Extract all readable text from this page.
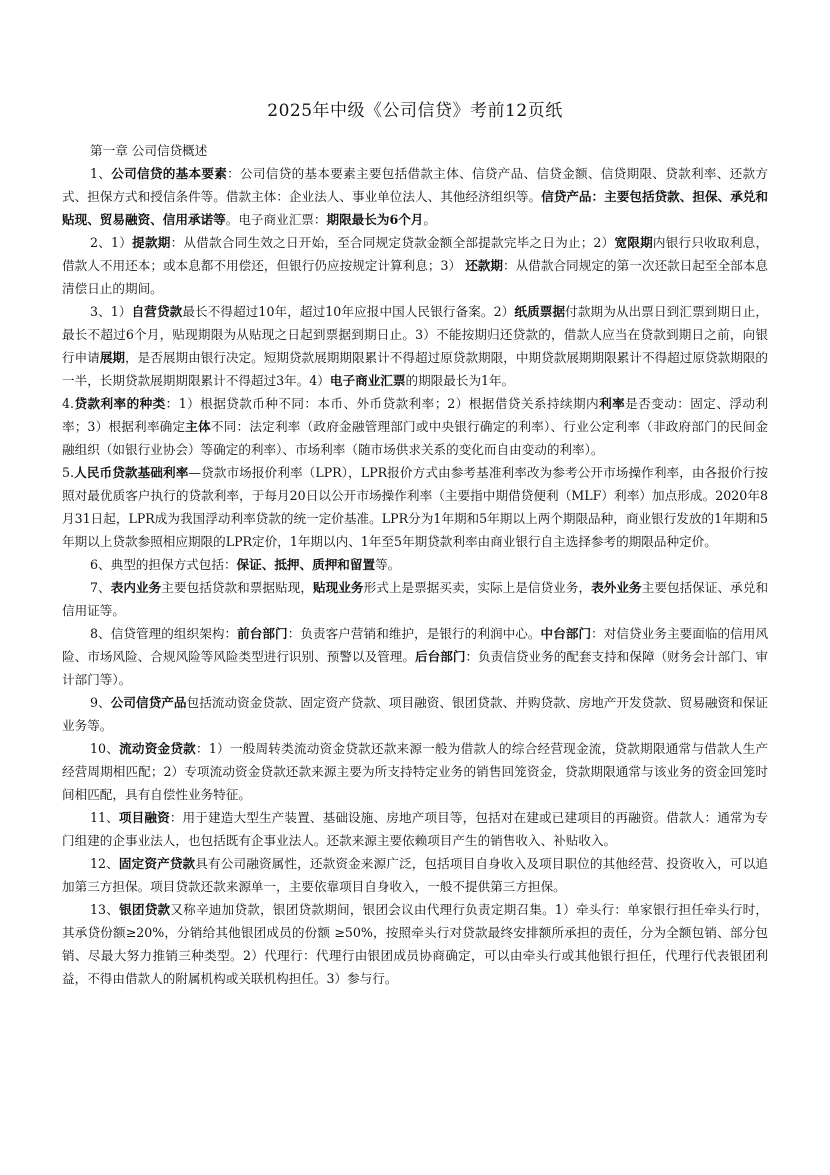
2025年中级《公司信贷》考前12页纸
第一章 公司信贷概述

1、公司信贷的基本要素：公司信贷的基本要素主要包括借款主体、信贷产品、信贷金额、信贷期限、贷款利率、还款方式、担保方式和授信条件等。借款主体：企业法人、事业单位法人、其他经济组织等。信贷产品：主要包括贷款、担保、承兑和贴现、贸易融资、信用承诺等。电子商业汇票：期限最长为6个月。

2、1）提款期：从借款合同生效之日开始，至合同规定贷款金额全部提款完毕之日为止；2）宽限期内银行只收取利息，借款人不用还本；或本息都不用偿还，但银行仍应按规定计算利息；3） 还款期：从借款合同规定的第一次还款日起至全部本息清偿日止的期间。

3、1）自营贷款最长不得超过10年，超过10年应报中国人民银行备案。2）纸质票据付款期为从出票日到汇票到期日止，最长不超过6个月，贴现期限为从贴现之日起到票据到期日止。3）不能按期归还贷款的，借款人应当在贷款到期日之前，向银行申请展期，是否展期由银行决定。短期贷款展期期限累计不得超过原贷款期限，中期贷款展期期限累计不得超过原贷款期限的一半，长期贷款展期期限累计不得超过3年。4）电子商业汇票的期限最长为1年。

4.贷款利率的种类：1）根据贷款币种不同：本币、外币贷款利率；2）根据借贷关系持续期内利率是否变动：固定、浮动利率；3）根据利率确定主体不同：法定利率（政府金融管理部门或中央银行确定的利率）、行业公定利率（非政府部门的民间金融组织（如银行业协会）等确定的利率）、市场利率（随市场供求关系的变化而自由变动的利率）。

5.人民币贷款基础利率—贷款市场报价利率（LPR），LPR报价方式由参考基准利率改为参考公开市场操作利率，由各报价行按照对最优质客户执行的贷款利率，于每月20日以公开市场操作利率（主要指中期借贷便利（MLF）利率）加点形成。2020年8月31日起，LPR成为我国浮动利率贷款的统一定价基准。LPR分为1年期和5年期以上两个期限品种，商业银行发放的1年期和5年期以上贷款参照相应期限的LPR定价，1年期以内、1年至5年期贷款利率由商业银行自主选择参考的期限品种定价。

6、典型的担保方式包括：保证、抵押、质押和留置等。

7、表内业务主要包括贷款和票据贴现，贴现业务形式上是票据买卖，实际上是信贷业务，表外业务主要包括保证、承兑和信用证等。

8、信贷管理的组织架构：前台部门：负责客户营销和维护，是银行的利润中心。中台部门：对信贷业务主要面临的信用风险、市场风险、合规风险等风险类型进行识别、预警以及管理。后台部门：负责信贷业务的配套支持和保障（财务会计部门、审计部门等）。

9、公司信贷产品包括流动资金贷款、固定资产贷款、项目融资、银团贷款、并购贷款、房地产开发贷款、贸易融资和保证业务等。

10、流动资金贷款：1）一般周转类流动资金贷款还款来源一般为借款人的综合经营现金流，贷款期限通常与借款人生产经营周期相匹配；2）专项流动资金贷款还款来源主要为所支持特定业务的销售回笼资金，贷款期限通常与该业务的资金回笼时间相匹配，具有自偿性业务特征。

11、项目融资：用于建造大型生产装置、基础设施、房地产项目等，包括对在建或已建项目的再融资。借款人：通常为专门组建的企事业法人，也包括既有企事业法人。还款来源主要依赖项目产生的销售收入、补贴收入。

12、固定资产贷款具有公司融资属性，还款资金来源广泛，包括项目自身收入及项目职位的其他经营、投资收入，可以追加第三方担保。项目贷款还款来源单一，主要依靠项目自身收入，一般不提供第三方担保。

13、银团贷款又称辛迪加贷款，银团贷款期间，银团会议由代理行负责定期召集。1）牵头行：单家银行担任牵头行时，其承贷份额≥20%，分销给其他银团成员的份额 ≥50%，按照牵头行对贷款最终安排额所承担的责任，分为全额包销、部分包销、尽最大努力推销三种类型。2）代理行：代理行由银团成员协商确定，可以由牵头行或其他银行担任，代理行代表银团利益，不得由借款人的附属机构或关联机构担任。3）参与行。
